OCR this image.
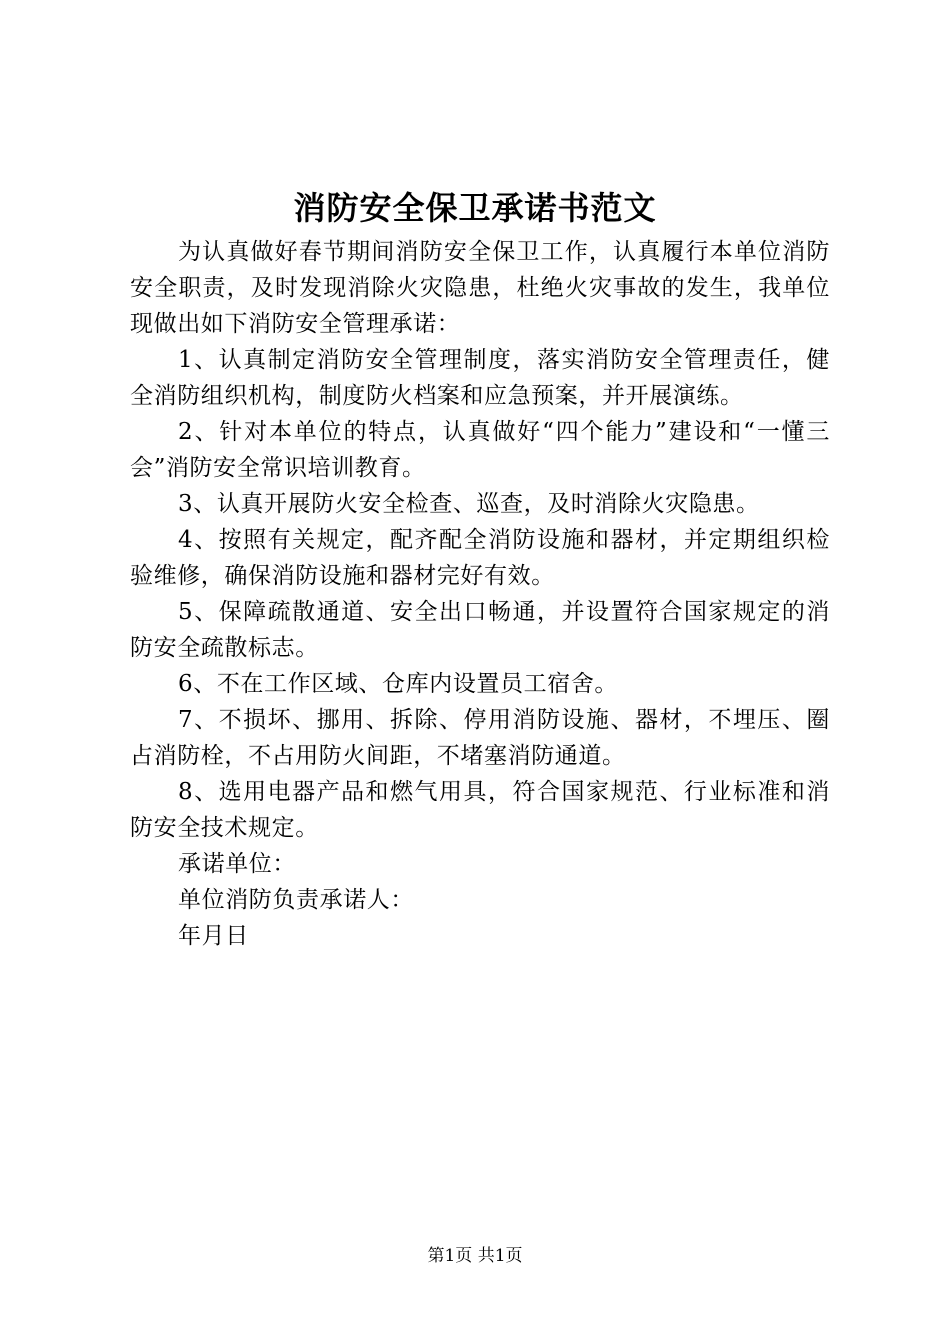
消防安全保卫承诺书范文

为认真做好春节期间消防安全保卫工作，认真履行本单位消防安全职责，及时发现消除火灾隐患，杜绝火灾事故的发生，我单位现做出如下消防安全管理承诺：

1、认真制定消防安全管理制度，落实消防安全管理责任，健全消防组织机构，制度防火档案和应急预案，并开展演练。

2、针对本单位的特点，认真做好“四个能力”建设和“一懂三会”消防安全常识培训教育。

3、认真开展防火安全检查、巡查，及时消除火灾隐患。

4、按照有关规定，配齐配全消防设施和器材，并定期组织检验维修，确保消防设施和器材完好有效。

5、保障疏散通道、安全出口畅通，并设置符合国家规定的消防安全疏散标志。

6、不在工作区域、仓库内设置员工宿舍。

7、不损坏、挪用、拆除、停用消防设施、器材，不埋压、圈占消防栓，不占用防火间距，不堵塞消防通道。

8、选用电器产品和燃气用具，符合国家规范、行业标准和消防安全技术规定。

承诺单位：

单位消防负责承诺人：

年月日

第1页 共1页
